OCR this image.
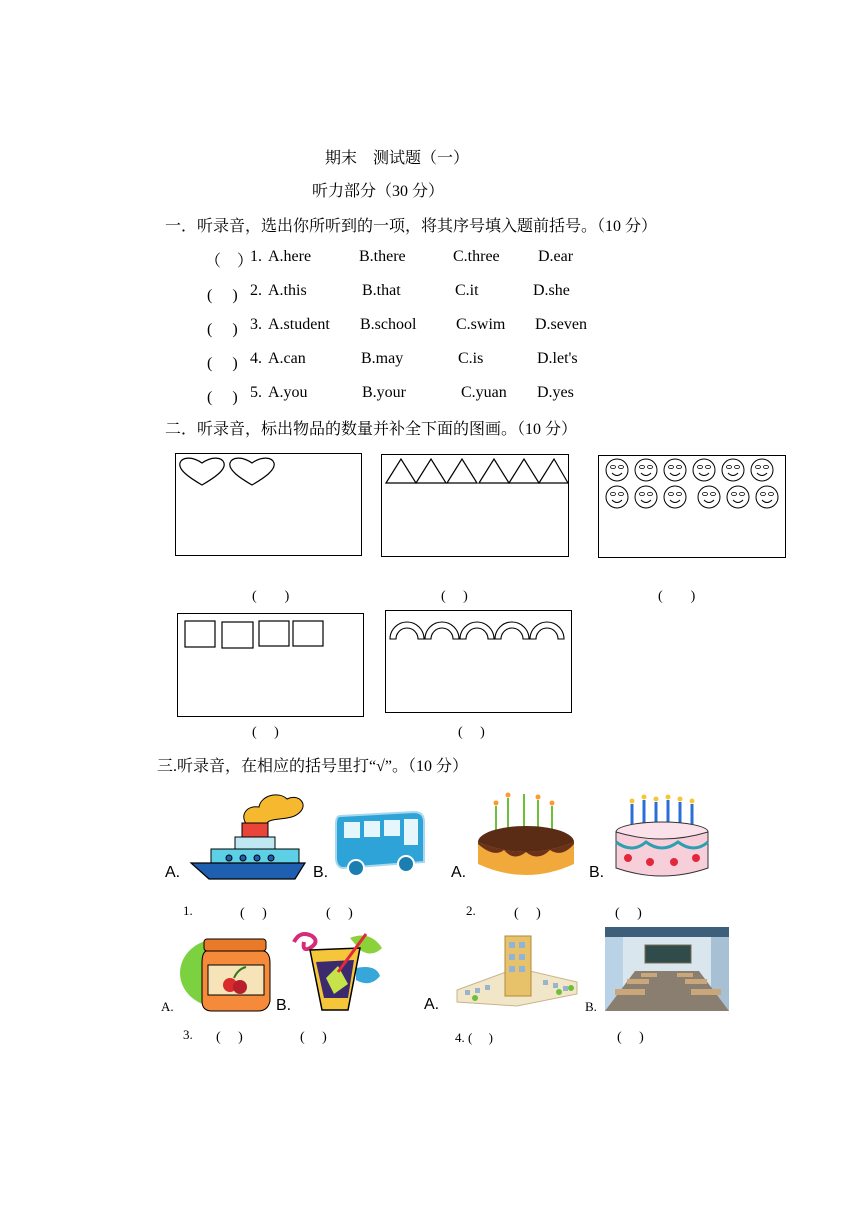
期末　测试题（一）
听力部分（30 分）
一．听录音，选出你所听到的一项，将其序号填入题前括号。（10 分）
（　）
1. A.here	B.there	C.three D.ear
(　 ) 2. A.this	B.that	C.it	D.she
(　 ) 3. A.student B.school C.swim D.seven
(　 ) 4. A.can	B.may	C.is	D.let's
(　 ) 5. A.you	B.your	C.yuan D.yes
二．听录音，标出物品的数量并补全下面的图画。（10 分）
(　　)	(　 )	(　　)
(　 )	(　 )
三.听录音，在相应的括号里打“√”。（10 分）
A.	B.	A.	B.
1.	(　 )	(　 )	2.	(　 )	(　 )
A.	B.	A.	B.
3. (　 )	(　 )	4. (　 )	(　 )
